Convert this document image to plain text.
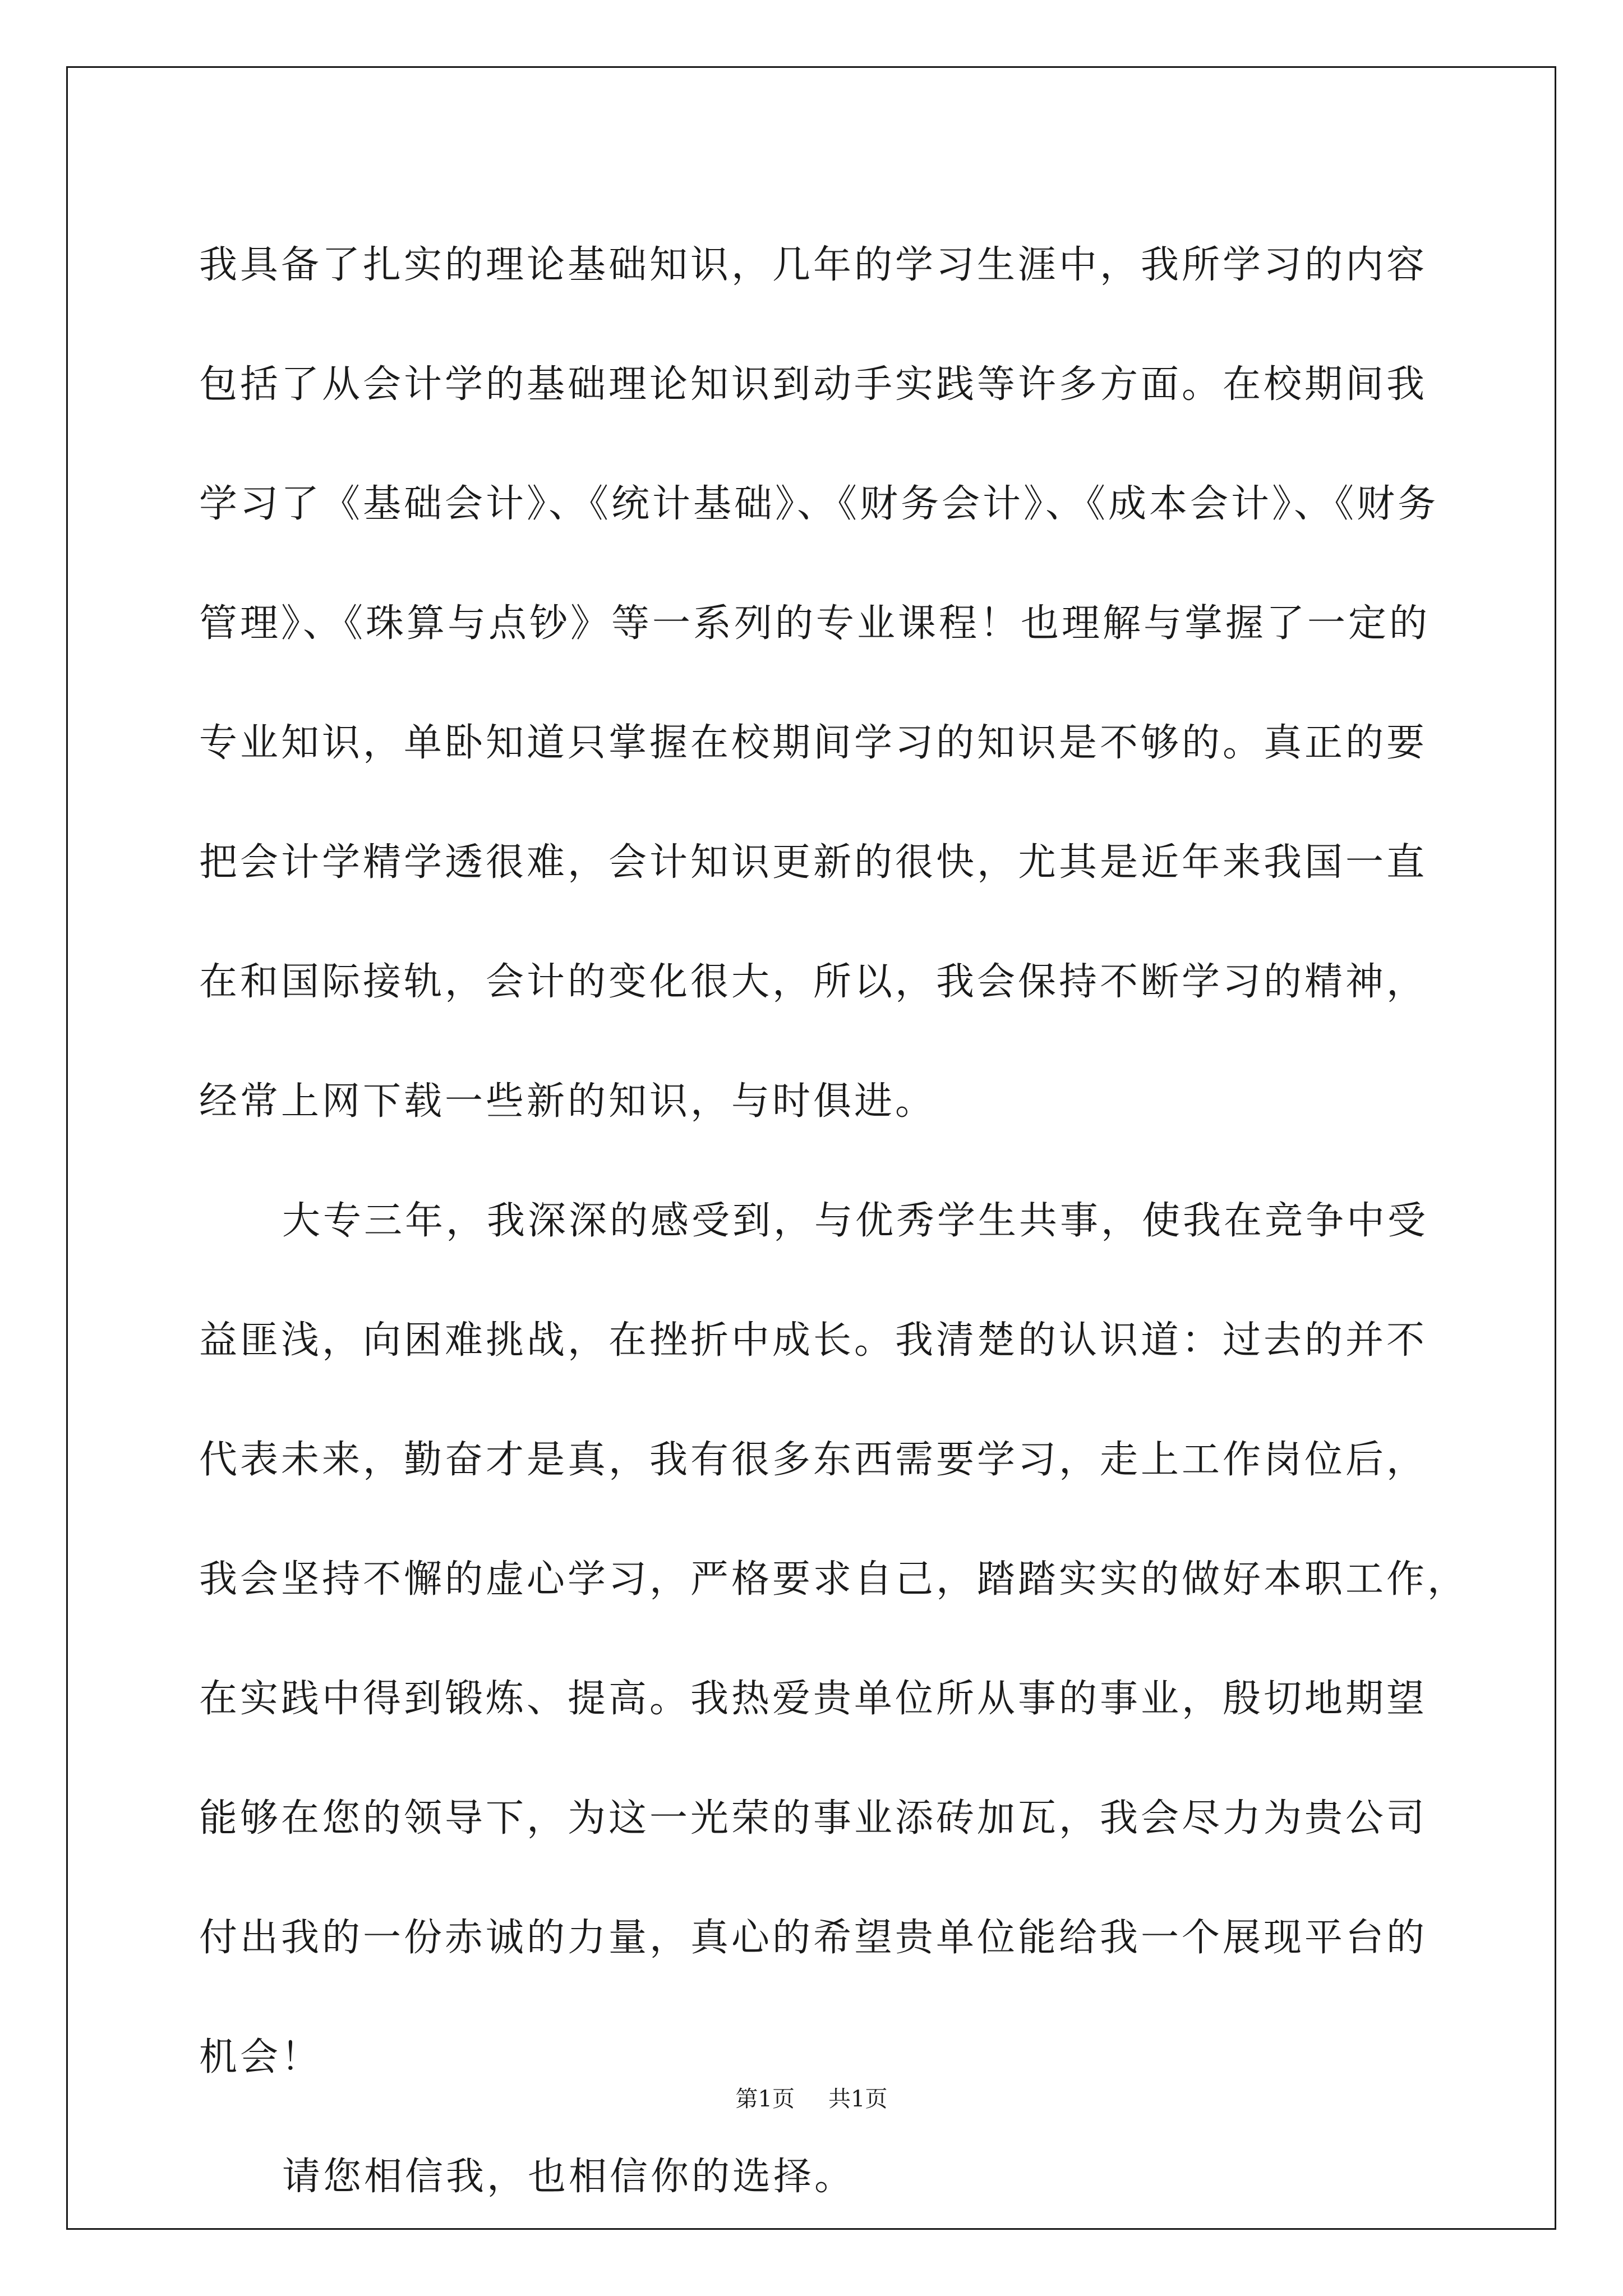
我具备了扎实的理论基础知识，几年的学习生涯中，我所学习的内容
包括了从会计学的基础理论知识到动手实践等许多方面。在校期间我
学习了《基础会计》、《统计基础》、《财务会计》、《成本会计》、《财务
管理》、《珠算与点钞》等一系列的专业课程！也理解与掌握了一定的
专业知识，单卧知道只掌握在校期间学习的知识是不够的。真正的要
把会计学精学透很难，会计知识更新的很快，尤其是近年来我国一直
在和国际接轨，会计的变化很大，所以，我会保持不断学习的精神，
经常上网下载一些新的知识，与时俱进。
大专三年，我深深的感受到，与优秀学生共事，使我在竞争中受
益匪浅，向困难挑战，在挫折中成长。我清楚的认识道：过去的并不
代表未来，勤奋才是真，我有很多东西需要学习，走上工作岗位后，
我会坚持不懈的虚心学习，严格要求自己，踏踏实实的做好本职工作，
在实践中得到锻炼、提高。我热爱贵单位所从事的事业，殷切地期望
能够在您的领导下，为这一光荣的事业添砖加瓦，我会尽力为贵公司
付出我的一份赤诚的力量，真心的希望贵单位能给我一个展现平台的
机会！
请您相信我，也相信你的选择。
第1页 共1页
